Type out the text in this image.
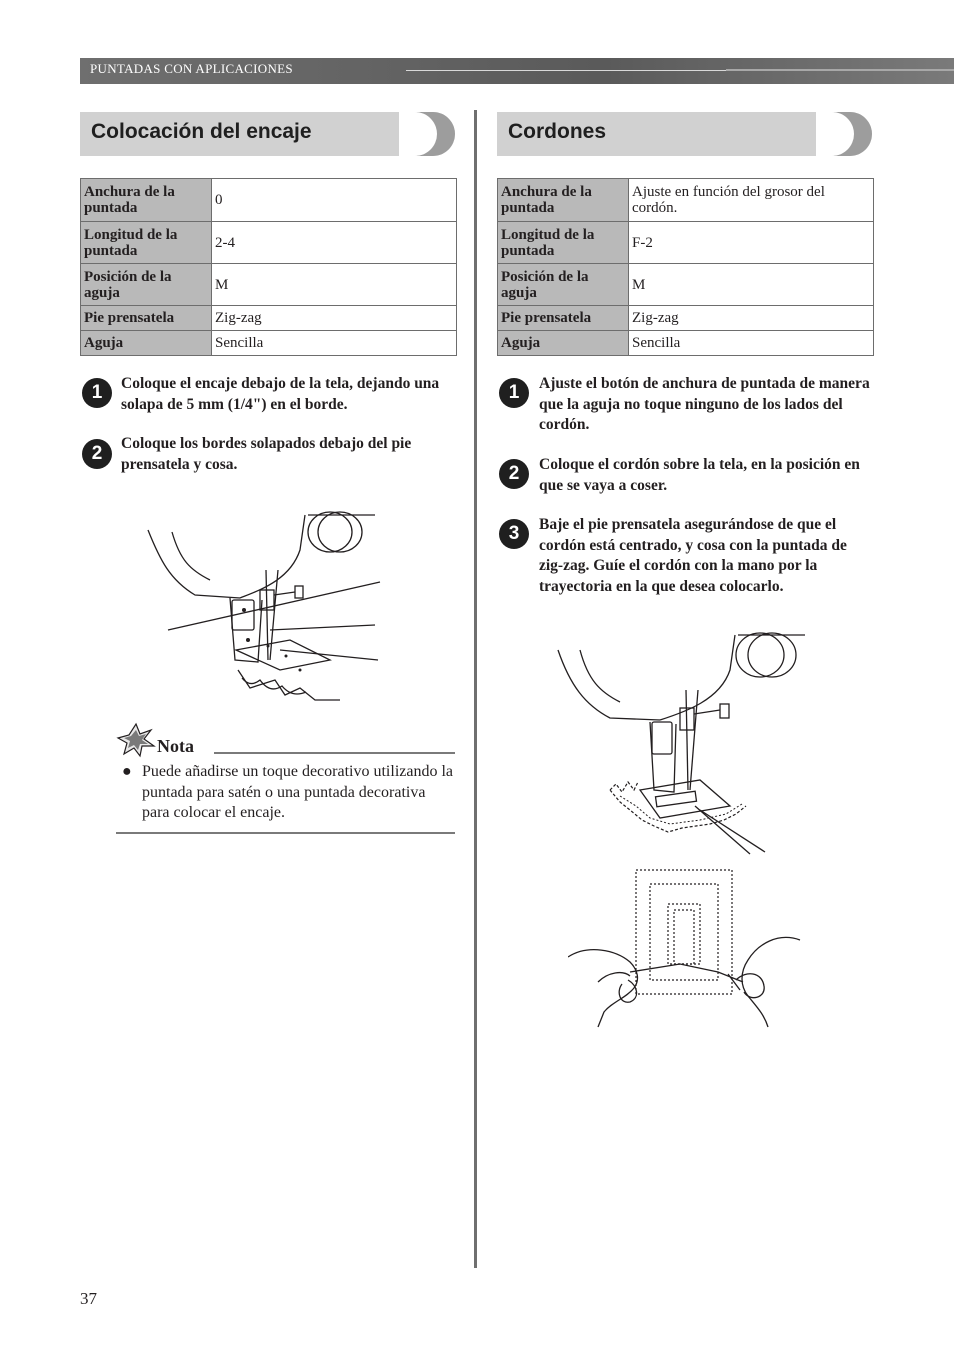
PUNTADAS CON APLICACIONES
Colocación del encaje
Anchura de la puntada	0
Longitud de la puntada	2-4
Posición de la aguja	M
Pie prensatela	Zig-zag
Aguja	Sencilla
1	Coloque el encaje debajo de la tela, dejando una solapa de 5 mm (1/4") en el borde.
2	Coloque los bordes solapados debajo del pie prensatela y cosa.
Nota
● Puede añadirse un toque decorativo utilizando la puntada para satén o una puntada decorativa para colocar el encaje.
Cordones
Anchura de la puntada	Ajuste en función del grosor del cordón.
Longitud de la puntada	F-2
Posición de la aguja	M
Pie prensatela	Zig-zag
Aguja	Sencilla
1	Ajuste el botón de anchura de puntada de manera que la aguja no toque ninguno de los lados del cordón.
2	Coloque el cordón sobre la tela, en la posición en que se vaya a coser.
3	Baje el pie prensatela asegurándose de que el cordón está centrado, y cosa con la puntada de zig-zag. Guíe el cordón con la mano por la trayectoria en la que desea colocarlo.
37
